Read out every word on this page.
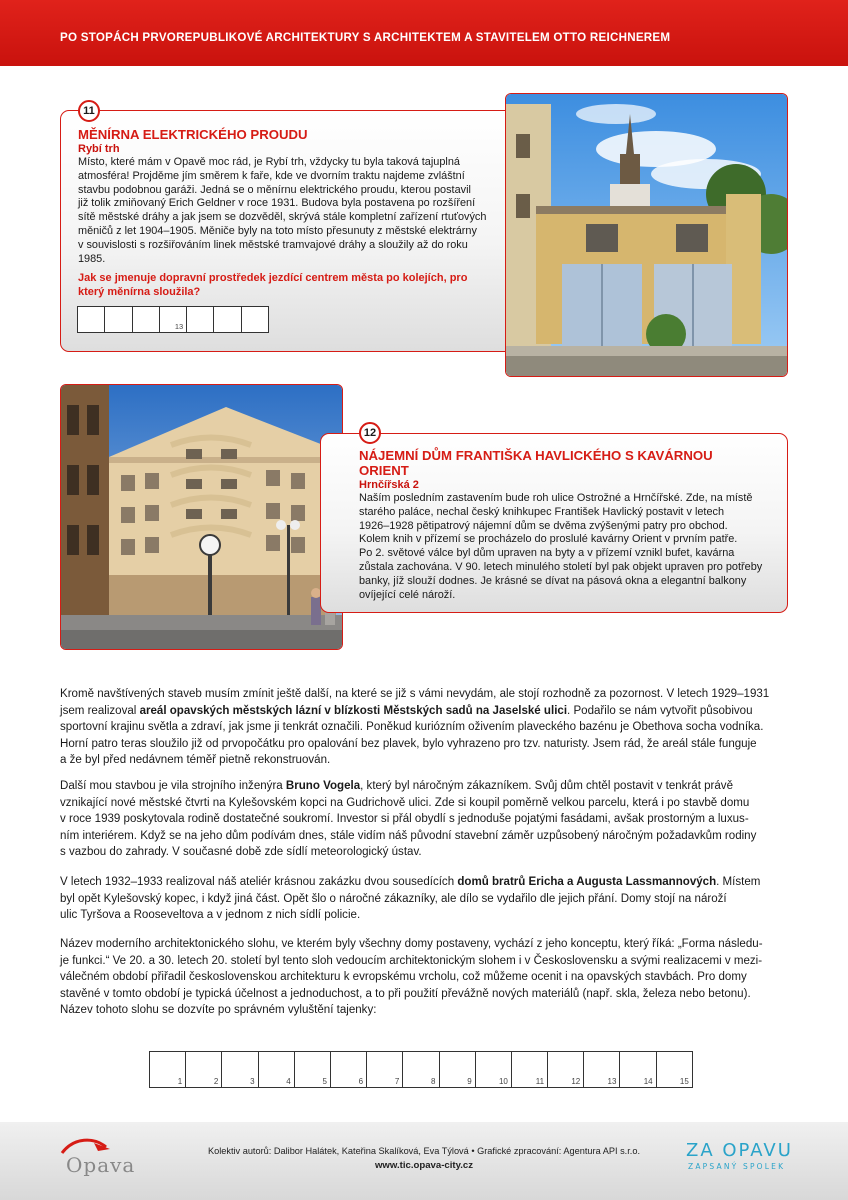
PO STOPÁCH PRVOREPUBLIKOVÉ ARCHITEKTURY S ARCHITEKTEM A STAVITELEM OTTO REICHNEREM
11
MĚNÍRNA ELEKTRICKÉHO PROUDU
Rybí trh
Místo, které mám v Opavě moc rád, je Rybí trh, vždycky tu byla taková tajuplná
atmosféra! Projděme jím směrem k faře, kde ve dvorním traktu najdeme zvláštní
stavbu podobnou garáži. Jedná se o měnírnu elektrického proudu, kterou postavil
již tolik zmiňovaný Erich Geldner v roce 1931. Budova byla postavena po rozšíření
sítě městské dráhy a jak jsem se dozvěděl, skrývá stále kompletní zařízení rtuťových
měničů z let 1904–1905. Měniče byly na toto místo přesunuty z městské elektrárny
v souvislosti s rozšiřováním linek městské tramvajové dráhy a sloužily až do roku
1985.
Jak se jmenuje dopravní prostředek jezdící centrem města po kolejích, pro
který měnírna sloužila?
13
12
NÁJEMNÍ DŮM FRANTIŠKA HAVLICKÉHO S KAVÁRNOU
ORIENT
Hrnčířská 2
Naším posledním zastavením bude roh ulice Ostrožné a Hrnčířské. Zde, na místě
starého paláce, nechal český knihkupec František Havlický postavit v letech
1926–1928 pětipatrový nájemní dům se dvěma zvýšenými patry pro obchod.
Kolem knih v přízemí se procházelo do proslulé kavárny Orient v prvním patře.
Po 2. světové válce byl dům upraven na byty a v přízemí vznikl bufet, kavárna
zůstala zachována. V 90. letech minulého století byl pak objekt upraven pro potřeby
banky, jíž slouží dodnes. Je krásné se dívat na pásová okna a elegantní balkony
ovíjející celé nároží.
Kromě navštívených staveb musím zmínit ještě další, na které se již s vámi nevydám, ale stojí rozhodně za pozornost. V letech 1929–1931
jsem realizoval areál opavských městských lázní v blízkosti Městských sadů na Jaselské ulici. Podařilo se nám vytvořit působivou
sportovní krajinu světla a zdraví, jak jsme ji tenkrát označili. Poněkud kuriózním oživením plaveckého bazénu je Obethova socha vodníka.
Horní patro teras sloužilo již od prvopočátku pro opalování bez plavek, bylo vyhrazeno pro tzv. naturisty. Jsem rád, že areál stále funguje
a že byl před nedávnem téměř pietně rekonstruován.
Další mou stavbou je vila strojního inženýra Bruno Vogela, který byl náročným zákazníkem. Svůj dům chtěl postavit v tenkrát právě
vznikající nové městské čtvrti na Kylešovském kopci na Gudrichově ulici. Zde si koupil poměrně velkou parcelu, která i po stavbě domu
v roce 1939 poskytovala rodině dostatečné soukromí. Investor si přál obydlí s jednoduše pojatými fasádami, avšak prostorným a luxus-
ním interiérem. Když se na jeho dům podívám dnes, stále vidím náš původní stavební záměr uzpůsobený náročným požadavkům rodiny
s vazbou do zahrady. V současné době zde sídlí meteorologický ústav.
V letech 1932–1933 realizoval náš ateliér krásnou zakázku dvou sousedících domů bratrů Ericha a Augusta Lassmannových. Místem
byl opět Kylešovský kopec, i když jiná část. Opět šlo o náročné zákazníky, ale dílo se vydařilo dle jejich přání. Domy stojí na nároží
ulic Tyršova a Rooseveltova a v jednom z nich sídlí policie.
Název moderního architektonického slohu, ve kterém byly všechny domy postaveny, vychází z jeho konceptu, který říká: „Forma následu-
je funkci.“ Ve 20. a 30. letech 20. století byl tento sloh vedoucím architektonickým slohem i v Československu a svými realizacemi v mezi-
válečném období přiřadil československou architekturu k evropskému vrcholu, což můžeme ocenit i na opavských stavbách. Pro domy
stavěné v tomto období je typická účelnost a jednoduchost, a to při použití převážně nových materiálů (např. skla, železa nebo betonu).
Název tohoto slohu se dozvíte po správném vyluštění tajenky:
1	2	3	4	5	6	7	8	9	10	11	12	13	14	15
Opava
Kolektiv autorů: Dalibor Halátek, Kateřina Skalíková, Eva Týlová • Grafické zpracování: Agentura API s.r.o.
www.tic.opava-city.cz
ZA OPAVU
ZAPSANÝ SPOLEK
